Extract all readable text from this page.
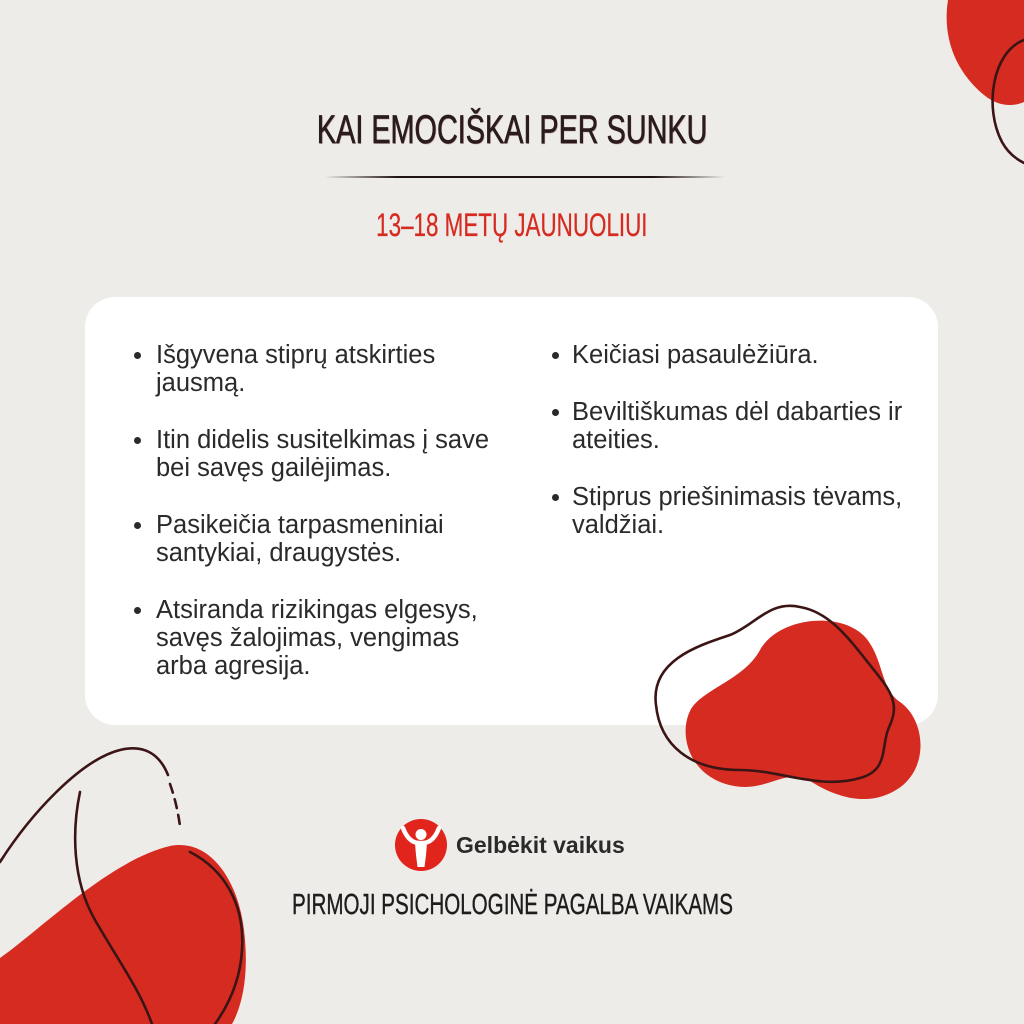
KAI EMOCIŠKAI PER SUNKU
13–18 METŲ JAUNUOLIUI
Išgyvena stiprų atskirties
jausmą.
Itin didelis susitelkimas į save
bei savęs gailėjimas.
Pasikeičia tarpasmeniniai
santykiai, draugystės.
Atsiranda rizikingas elgesys,
savęs žalojimas, vengimas
arba agresija.
Keičiasi pasaulėžiūra.
Beviltiškumas dėl dabarties ir
ateities.
Stiprus priešinimasis tėvams,
valdžiai.
Gelbėkit vaikus
PIRMOJI PSICHOLOGINĖ PAGALBA VAIKAMS
